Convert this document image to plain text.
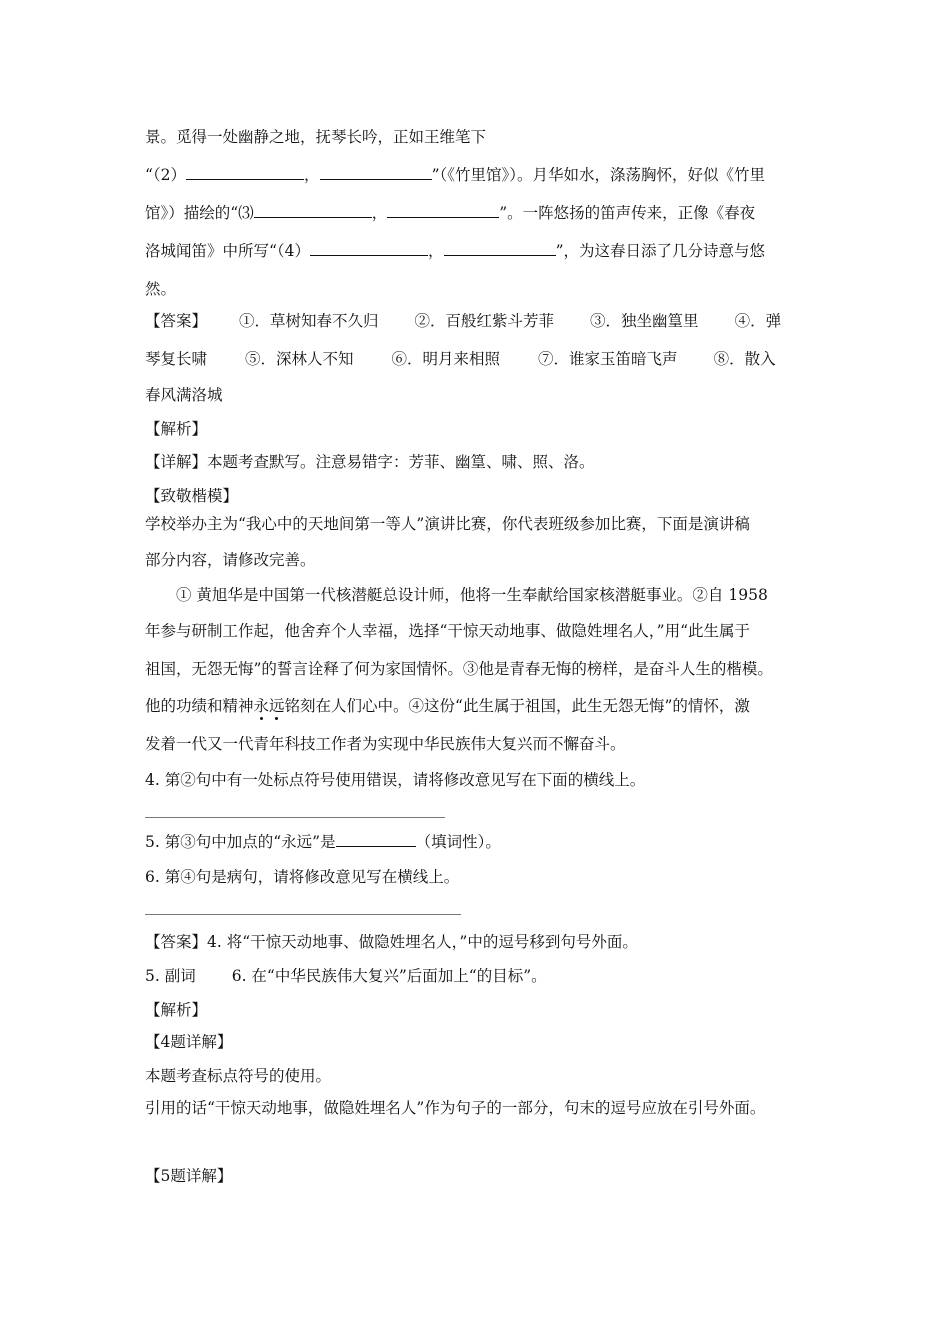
景。觅得一处幽静之地，抚琴长吟，正如王维笔下
“（2）	，	”（《竹里馆》）。月华如水，涤荡胸怀，好似《竹里
馆》）描绘的“⑶	，	”。一阵悠扬的笛声传来，正像《春夜
洛城闻笛》中所写“（4）	，	”，为这春日添了几分诗意与悠
然。
【答案】 ①．草树知春不久归 ②．百般红紫斗芳菲 ③．独坐幽篁里 ④．弹
琴复长啸 ⑤．深林人不知 ⑥．明月来相照 ⑦．谁家玉笛暗飞声 ⑧．散入
春风满洛城
【解析】
【详解】本题考查默写。注意易错字：芳菲、幽篁、啸、照、洛。
【致敬楷模】
学校举办主为“我心中的天地间第一等人”演讲比赛，你代表班级参加比赛，下面是演讲稿
部分内容，请修改完善。
① 黄旭华是中国第一代核潜艇总设计师，他将一生奉献给国家核潜艇事业。②自 1958
年参与研制工作起，他舍弃个人幸福，选择“干惊天动地事、做隐姓埋名人，”用“此生属于
祖国，无怨无悔”的誓言诠释了何为家国情怀。③他是青春无悔的榜样，是奋斗人生的楷模。
他的功绩和精神永远铭刻在人们心中。④这份“此生属于祖国，此生无怨无悔”的情怀，激
发着一代又一代青年科技工作者为实现中华民族伟大复兴而不懈奋斗。
4. 第②句中有一处标点符号使用错误，请将修改意见写在下面的横线上。
5. 第③句中加点的“永远”是	（填词性）。
6. 第④句是病句，请将修改意见写在横线上。
【答案】4. 将“干惊天动地事、做隐姓埋名人，”中的逗号移到句号外面。
5. 副词 6. 在“中华民族伟大复兴”后面加上“的目标”。
【解析】
【4题详解】
本题考查标点符号的使用。
引用的话“干惊天动地事，做隐姓埋名人”作为句子的一部分，句末的逗号应放在引号外面。
【5题详解】
